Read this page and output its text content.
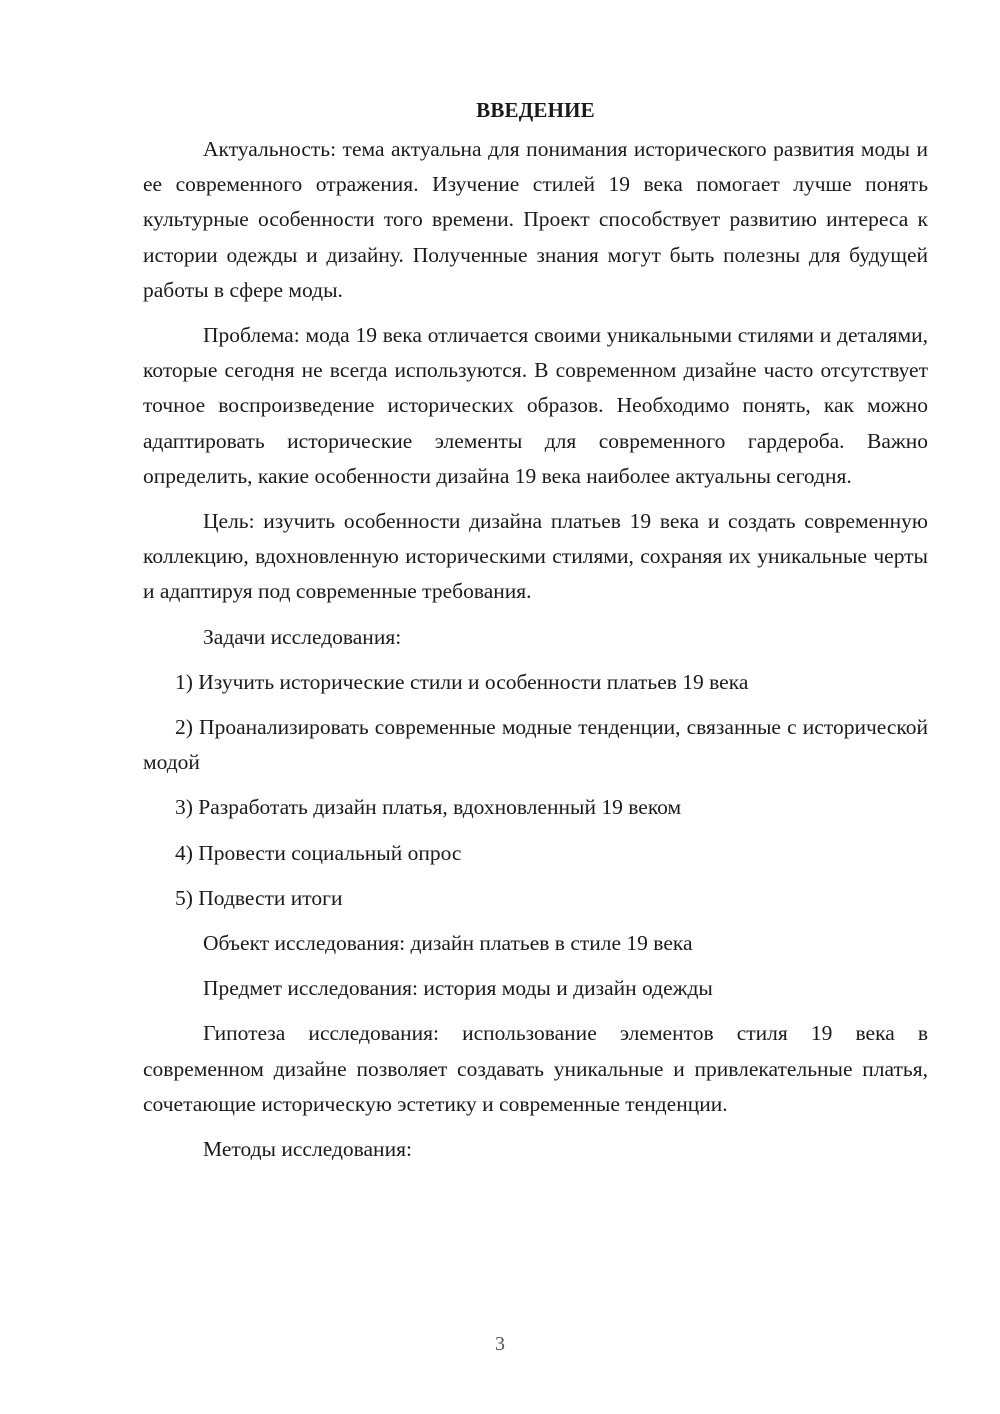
ВВЕДЕНИЕ

Актуальность: тема актуальна для понимания исторического развития моды и ее современного отражения. Изучение стилей 19 века помогает лучше понять культурные особенности того времени. Проект способствует развитию интереса к истории одежды и дизайну. Полученные знания могут быть полезны для будущей работы в сфере моды.

Проблема: мода 19 века отличается своими уникальными стилями и деталями, которые сегодня не всегда используются. В современном дизайне часто отсутствует точное воспроизведение исторических образов. Необходимо понять, как можно адаптировать исторические элементы для современного гардероба. Важно определить, какие особенности дизайна 19 века наиболее актуальны сегодня.

Цель: изучить особенности дизайна платьев 19 века и создать современную коллекцию, вдохновленную историческими стилями, сохраняя их уникальные черты и адаптируя под современные требования.

Задачи исследования:

1) Изучить исторические стили и особенности платьев 19 века

2) Проанализировать современные модные тенденции, связанные с исторической модой

3) Разработать дизайн платья, вдохновленный 19 веком

4) Провести социальный опрос

5) Подвести итоги

Объект исследования: дизайн платьев в стиле 19 века

Предмет исследования: история моды и дизайн одежды

Гипотеза исследования: использование элементов стиля 19 века в современном дизайне позволяет создавать уникальные и привлекательные платья, сочетающие историческую эстетику и современные тенденции.

Методы исследования:

3
